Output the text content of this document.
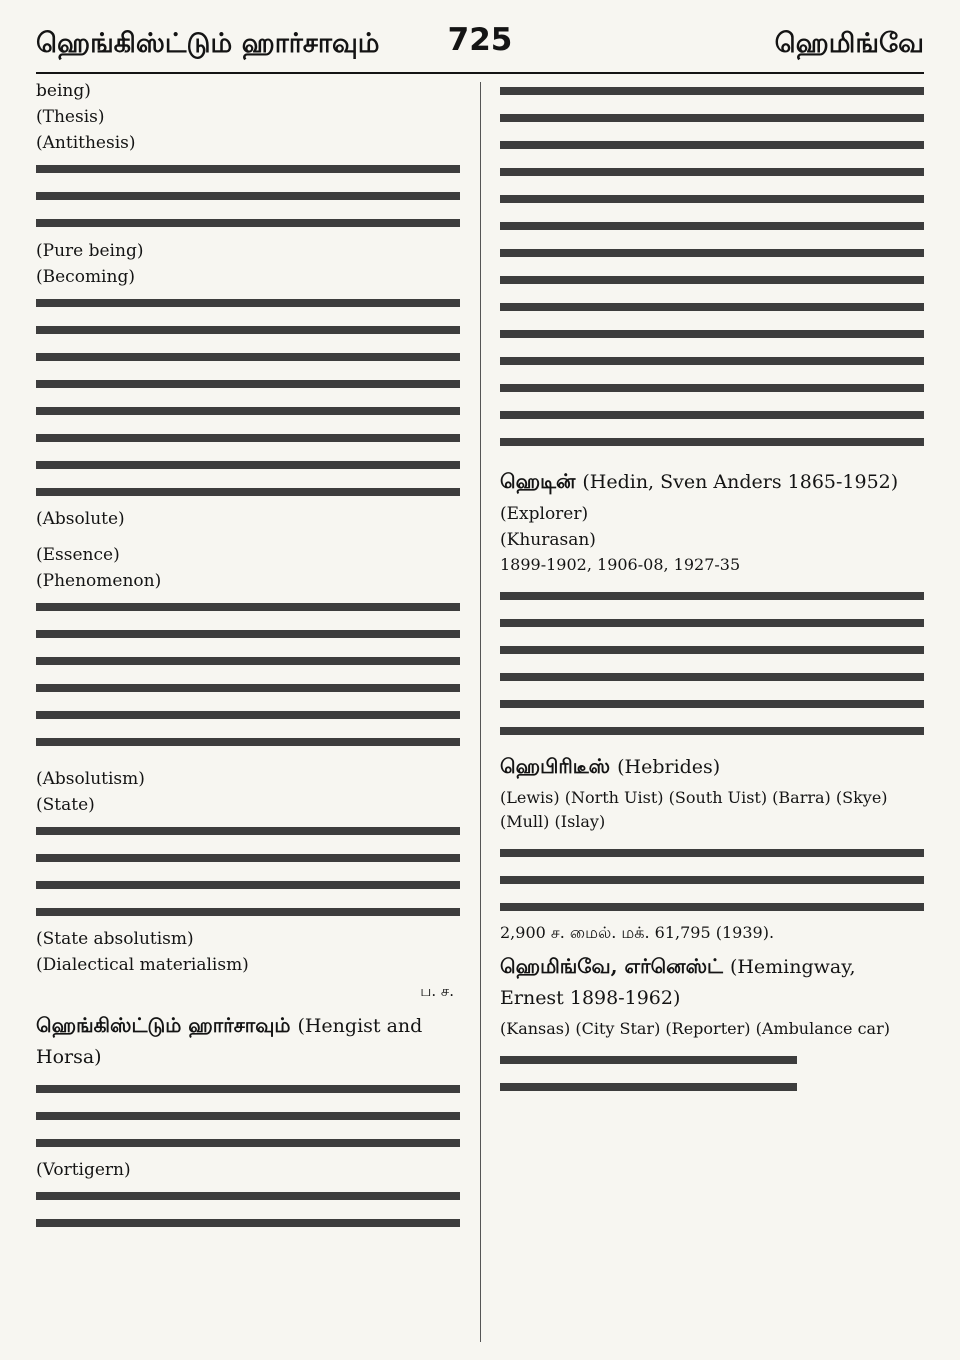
ஹெங்கிஸ்ட்டும் ஹார்சாவும்	725	ஹெமிங்வே
being)
(Thesis)
(Antithesis)
(Pure being)
(Becoming)
(Absolute)
(Essence)
(Phenomenon)
(Absolutism)
(State)
(State absolutism)
(Dialectical materialism)
ப. ச.
ஹெங்கிஸ்ட்டும் ஹார்சாவும் (Hengist and Horsa)
(Vortigern)
ஹெடின் (Hedin, Sven Anders 1865-1952)
(Explorer)
(Khurasan)
1899-1902, 1906-08, 1927-35
ஹெபிரிடீஸ் (Hebrides)
(Lewis) (North Uist) (South Uist) (Barra) (Skye) (Mull) (Islay)
2,900 ச. மைல். மக். 61,795 (1939).
ஹெமிங்வே, எர்னெஸ்ட் (Hemingway, Ernest 1898-1962)
(Kansas) (City Star) (Reporter) (Ambulance car)
